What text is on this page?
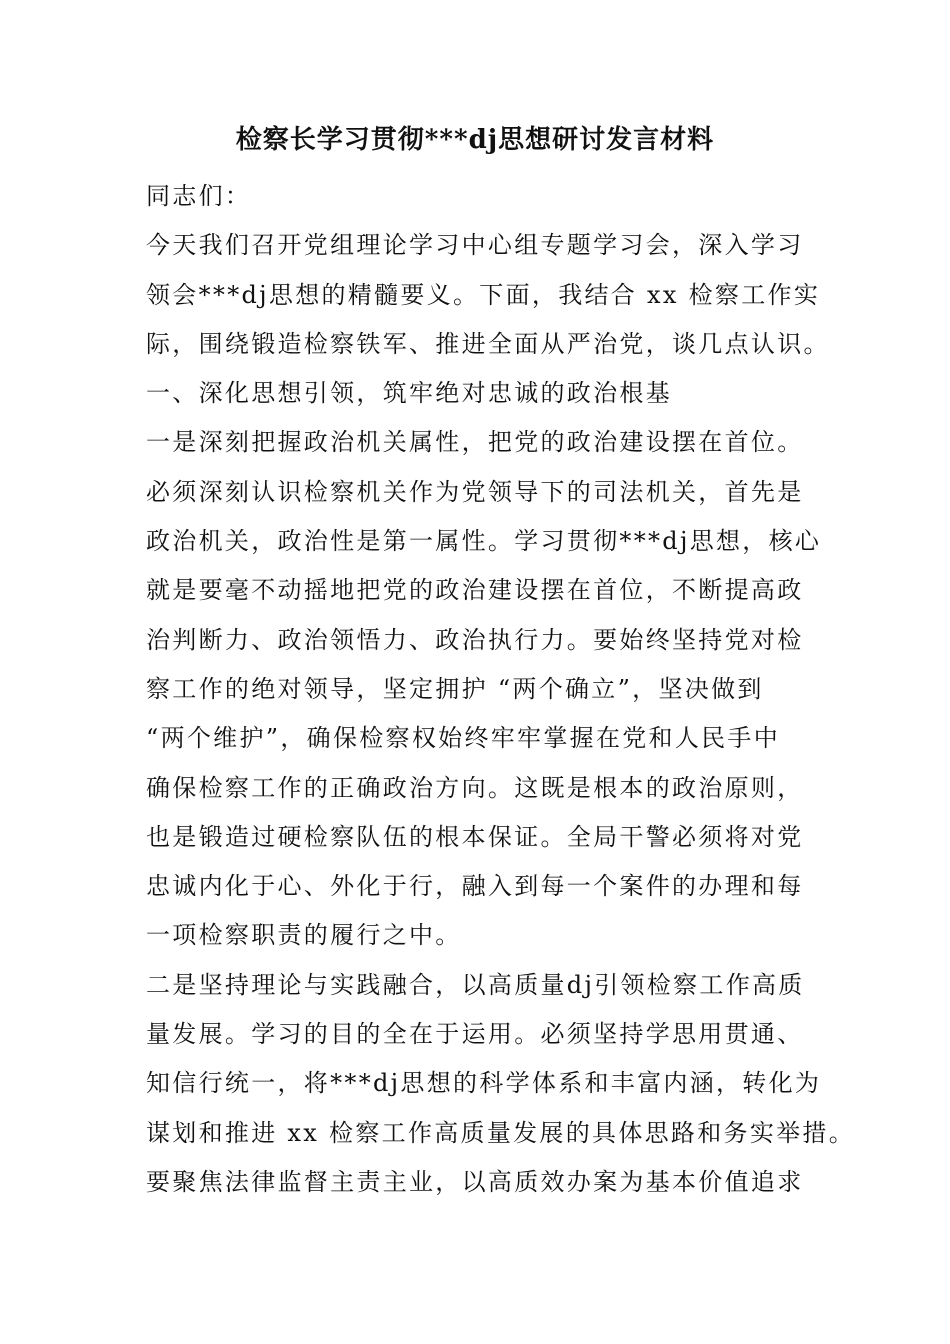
检察长学习贯彻***dj思想研讨发言材料
同志们：
今天我们召开党组理论学习中心组专题学习会，深入学习
领会***dj思想的精髓要义。下面，我结合 xx 检察工作实
际，围绕锻造检察铁军、推进全面从严治党，谈几点认识。
一、深化思想引领，筑牢绝对忠诚的政治根基
一是深刻把握政治机关属性，把党的政治建设摆在首位。
必须深刻认识检察机关作为党领导下的司法机关，首先是
政治机关，政治性是第一属性。学习贯彻***dj思想，核心
就是要毫不动摇地把党的政治建设摆在首位，不断提高政
治判断力、政治领悟力、政治执行力。要始终坚持党对检
察工作的绝对领导，坚定拥护 “两个确立”，坚决做到
“两个维护”，确保检察权始终牢牢掌握在党和人民手中
确保检察工作的正确政治方向。这既是根本的政治原则，
也是锻造过硬检察队伍的根本保证。全局干警必须将对党
忠诚内化于心、外化于行，融入到每一个案件的办理和每
一项检察职责的履行之中。
二是坚持理论与实践融合，以高质量dj引领检察工作高质
量发展。学习的目的全在于运用。必须坚持学思用贯通、
知信行统一，将***dj思想的科学体系和丰富内涵，转化为
谋划和推进 xx 检察工作高质量发展的具体思路和务实举措。
要聚焦法律监督主责主业，以高质效办案为基本价值追求
